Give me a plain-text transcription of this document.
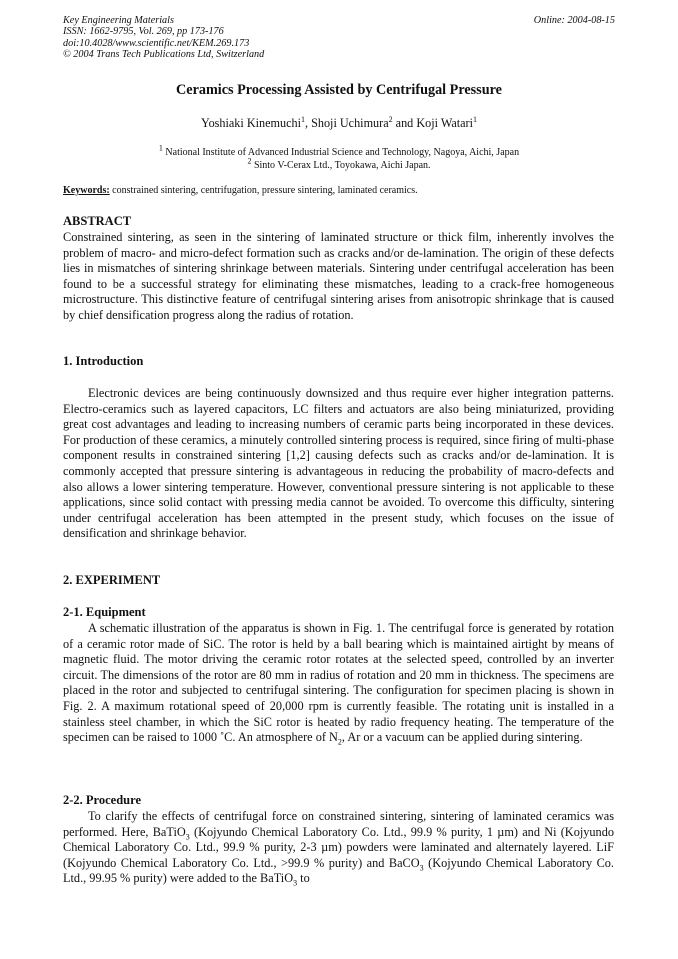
Key Engineering Materials
ISSN: 1662-9795, Vol. 269, pp 173-176
doi:10.4028/www.scientific.net/KEM.269.173
© 2004 Trans Tech Publications Ltd, Switzerland
Online: 2004-08-15
Ceramics Processing Assisted by Centrifugal Pressure
Yoshiaki Kinemuchi$^1$, Shoji Uchimura$^2$ and Koji Watari$^1$
$^1$ National Institute of Advanced Industrial Science and Technology, Nagoya, Aichi, Japan
$^2$ Sinto V-Cerax Ltd., Toyokawa, Aichi Japan.
Keywords: constrained sintering, centrifugation, pressure sintering, laminated ceramics.
ABSTRACT
Constrained sintering, as seen in the sintering of laminated structure or thick film, inherently involves the problem of macro- and micro-defect formation such as cracks and/or de-lamination. The origin of these defects lies in mismatches of sintering shrinkage between materials. Sintering under centrifugal acceleration has been found to be a successful strategy for eliminating these mismatches, leading to a crack-free homogeneous microstructure. This distinctive feature of centrifugal sintering arises from anisotropic shrinkage that is caused by chief densification progress along the radius of rotation.
1. Introduction
Electronic devices are being continuously downsized and thus require ever higher integration patterns. Electro-ceramics such as layered capacitors, LC filters and actuators are also being miniaturized, providing great cost advantages and leading to increasing numbers of ceramic parts being incorporated in these devices. For production of these ceramics, a minutely controlled sintering process is required, since firing of multi-phase component results in constrained sintering [1,2] causing defects such as cracks and/or de-lamination. It is commonly accepted that pressure sintering is advantageous in reducing the probability of macro-defects and also allows a lower sintering temperature. However, conventional pressure sintering is not applicable to these applications, since solid contact with pressing media cannot be avoided. To overcome this difficulty, sintering under centrifugal acceleration has been attempted in the present study, which focuses on the issue of densification and shrinkage behavior.
2. EXPERIMENT
2-1. Equipment
A schematic illustration of the apparatus is shown in Fig. 1. The centrifugal force is generated by rotation of a ceramic rotor made of SiC. The rotor is held by a ball bearing which is maintained airtight by means of magnetic fluid. The motor driving the ceramic rotor rotates at the selected speed, controlled by an inverter circuit. The dimensions of the rotor are 80 mm in radius of rotation and 20 mm in thickness. The specimens are placed in the rotor and subjected to centrifugal sintering. The configuration for specimen placing is shown in Fig. 2. A maximum rotational speed of 20,000 rpm is currently feasible. The rotating unit is installed in a stainless steel chamber, in which the SiC rotor is heated by radio frequency heating. The temperature of the specimen can be raised to 1000 ˚C. An atmosphere of $N_2$, Ar or a vacuum can be applied during sintering.
2-2. Procedure
To clarify the effects of centrifugal force on constrained sintering, sintering of laminated ceramics was performed. Here, BaTiO$_3$ (Kojyundo Chemical Laboratory Co. Ltd., 99.9 % purity, 1 µm) and Ni (Kojyundo Chemical Laboratory Co. Ltd., 99.9 % purity, 2-3 µm) powders were laminated and alternately layered. LiF (Kojyundo Chemical Laboratory Co. Ltd., >99.9 % purity) and BaCO$_3$ (Kojyundo Chemical Laboratory Co. Ltd., 99.95 % purity) were added to the BaTiO$_3$ to
